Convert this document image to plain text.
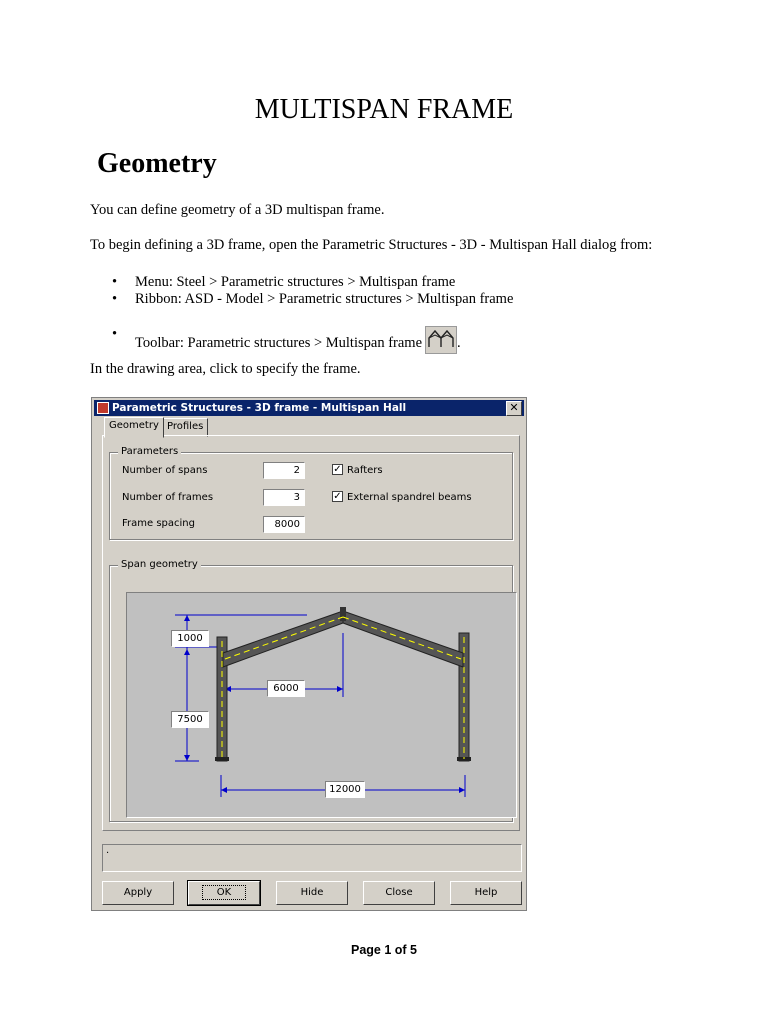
MULTISPAN FRAME
Geometry
You can define geometry of a 3D multispan frame.
To begin defining a 3D frame, open the Parametric Structures - 3D - Multispan Hall dialog from:
• Menu: Steel > Parametric structures > Multispan frame
• Ribbon: ASD - Model > Parametric structures > Multispan frame
•
Toolbar: Parametric structures > Multispan frame .
In the drawing area, click to specify the frame.
Parametric Structures - 3D frame - Multispan Hall	✕
Geometry Profiles
Parameters
Number of spans	2
Number of frames	3
Frame spacing	8000
✓ Rafters
✓ External spandrel beams
Span geometry
1000
7500
6000
12000
.
Apply	OK	Hide	Close	Help
Page 1 of 5
